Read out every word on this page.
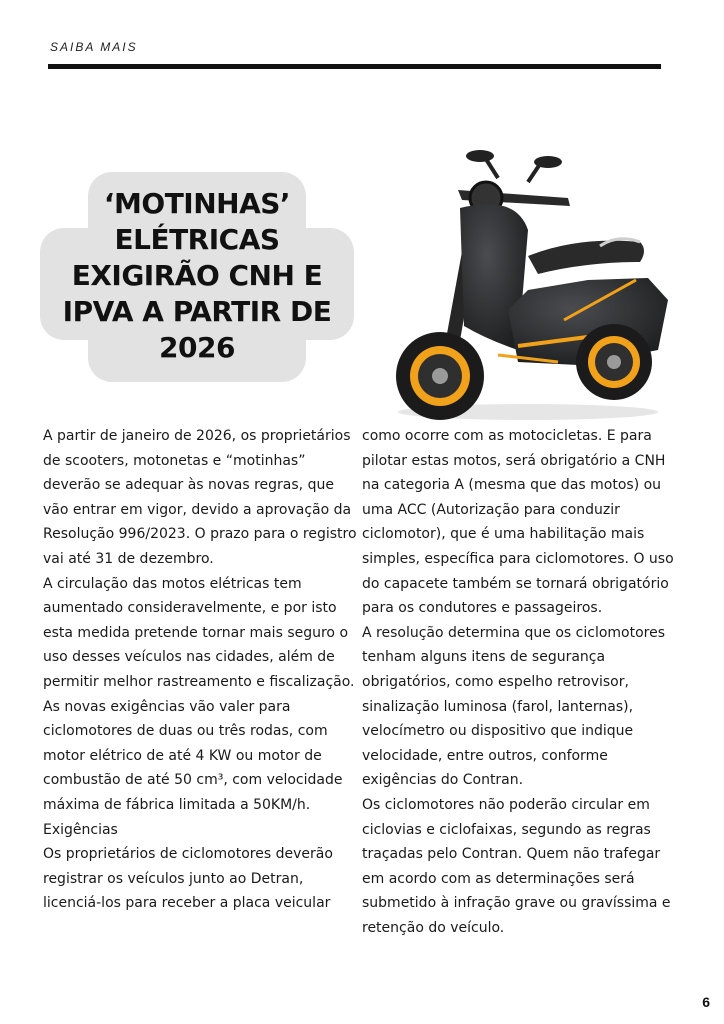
SAIBA MAIS
‘MOTINHAS’ ELÉTRICAS EXIGIRÃO CNH E IPVA A PARTIR DE 2026

A partir de janeiro de 2026, os proprietários de scooters, motonetas e “motinhas” deverão se adequar às novas regras, que vão entrar em vigor, devido a aprovação da Resolução 996/2023. O prazo para o registro vai até 31 de dezembro.

A circulação das motos elétricas tem aumentado consideravelmente, e por isto esta medida pretende tornar mais seguro o uso desses veículos nas cidades, além de permitir melhor rastreamento e fiscalização.

As novas exigências vão valer para ciclomotores de duas ou três rodas, com motor elétrico de até 4 KW ou motor de combustão de até 50 cm³, com velocidade máxima de fábrica limitada a 50KM/h.

Exigências

Os proprietários de ciclomotores deverão registrar os veículos junto ao Detran, licenciá-los para receber a placa veicular

como ocorre com as motocicletas. E para pilotar estas motos, será obrigatório a CNH na categoria A (mesma que das motos) ou uma ACC (Autorização para conduzir ciclomotor), que é uma habilitação mais simples, específica para ciclomotores. O uso do capacete também se tornará obrigatório para os condutores e passageiros.

A resolução determina que os ciclomotores tenham alguns itens de segurança obrigatórios, como espelho retrovisor, sinalização luminosa (farol, lanternas), velocímetro ou dispositivo que indique velocidade, entre outros, conforme exigências do Contran.

Os ciclomotores não poderão circular em ciclovias e ciclofaixas, segundo as regras traçadas pelo Contran. Quem não trafegar em acordo com as determinações será submetido à infração grave ou gravíssima e retenção do veículo.

6
